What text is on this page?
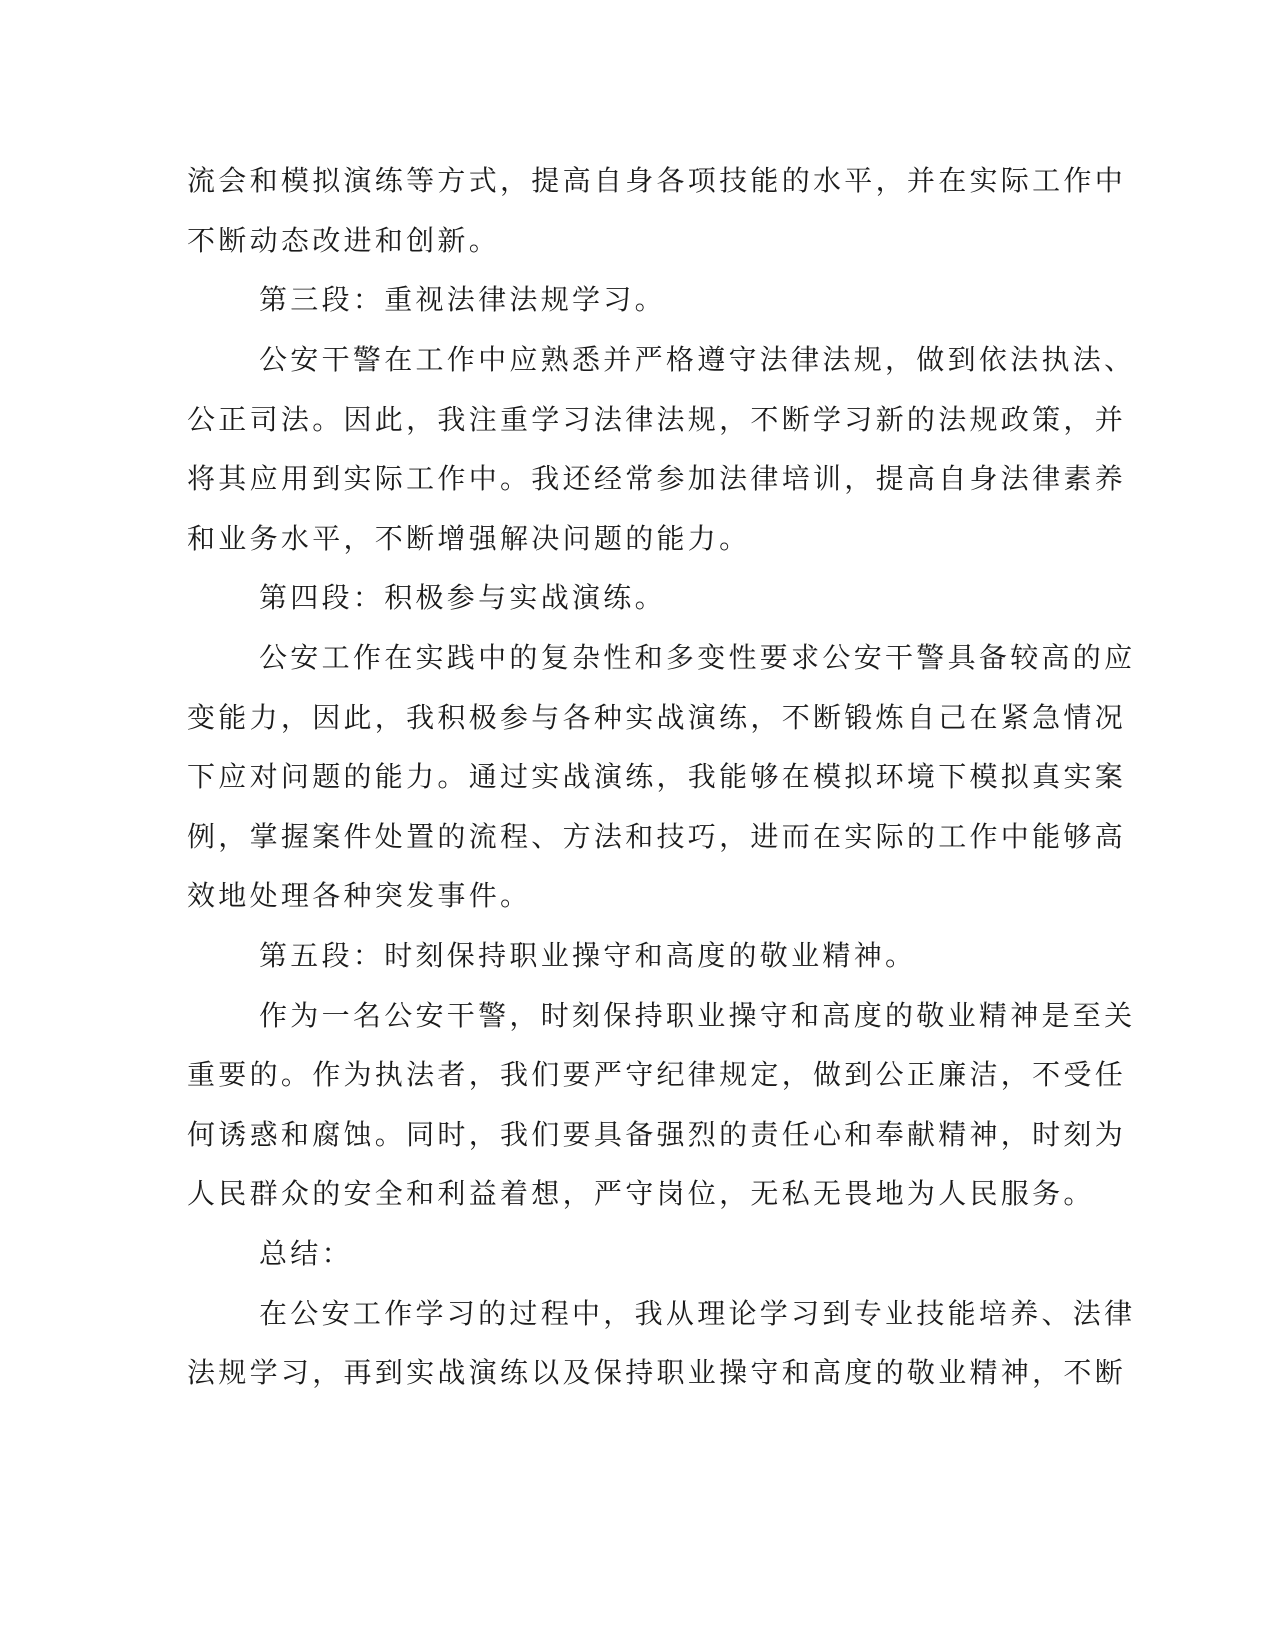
流会和模拟演练等方式，提高自身各项技能的水平，并在实际工作中
不断动态改进和创新。
第三段：重视法律法规学习。
公安干警在工作中应熟悉并严格遵守法律法规，做到依法执法、
公正司法。因此，我注重学习法律法规，不断学习新的法规政策，并
将其应用到实际工作中。我还经常参加法律培训，提高自身法律素养
和业务水平，不断增强解决问题的能力。
第四段：积极参与实战演练。
公安工作在实践中的复杂性和多变性要求公安干警具备较高的应
变能力，因此，我积极参与各种实战演练，不断锻炼自己在紧急情况
下应对问题的能力。通过实战演练，我能够在模拟环境下模拟真实案
例，掌握案件处置的流程、方法和技巧，进而在实际的工作中能够高
效地处理各种突发事件。
第五段：时刻保持职业操守和高度的敬业精神。
作为一名公安干警，时刻保持职业操守和高度的敬业精神是至关
重要的。作为执法者，我们要严守纪律规定，做到公正廉洁，不受任
何诱惑和腐蚀。同时，我们要具备强烈的责任心和奉献精神，时刻为
人民群众的安全和利益着想，严守岗位，无私无畏地为人民服务。
总结：
在公安工作学习的过程中，我从理论学习到专业技能培养、法律
法规学习，再到实战演练以及保持职业操守和高度的敬业精神，不断
